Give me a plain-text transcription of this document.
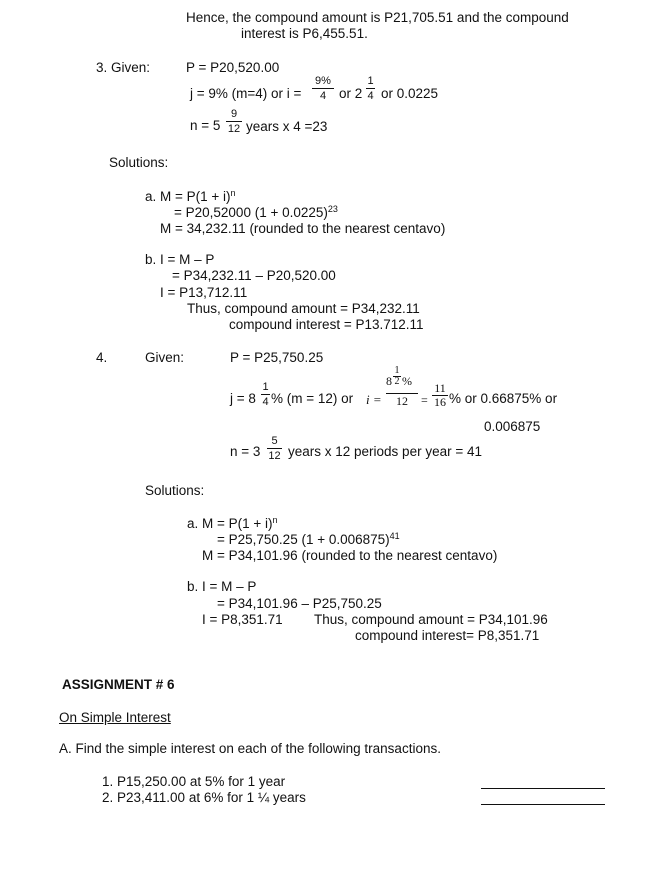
Hence, the compound amount is P21,705.51 and the compound
interest is P6,455.51.
3. Given:	P = P20,520.00
j = 9% (m=4) or i =
9%
4 or 2
1
4 or 0.0225
n = 5
9
12 years x 4 =23
Solutions:
a. $M = P(1 + i)^n$
= P20,52000 $(1 + 0.0225)^{23}$
M = 34,232.11 (rounded to the nearest centavo)
b. I = M – P
= P34,232.11 – P20,520.00
I = P13,712.11
Thus, compound amount = P34,232.11
compound interest = P13.712.11
4.	Given:	P = P25,750.25
j = 8
1
4 % (m = 12) or i =
8
1
2 %
12	=
11
16 % or 0.66875% or
0.006875
n = 3
5
12 years x 12 periods per year = 41
Solutions:
a. $M = P(1 + i)^n$
= P25,750.25 $(1 + 0.006875)^{41}$
M = P34,101.96 (rounded to the nearest centavo)
b. I = M – P
= P34,101.96 – P25,750.25
I = P8,351.71 Thus, compound amount = P34,101.96
compound interest= P8,351.71
ASSIGNMENT # 6
On Simple Interest
A. Find the simple interest on each of the following transactions.
1. P15,250.00 at 5% for 1 year
2. P23,411.00 at 6% for 1 ¼ years
